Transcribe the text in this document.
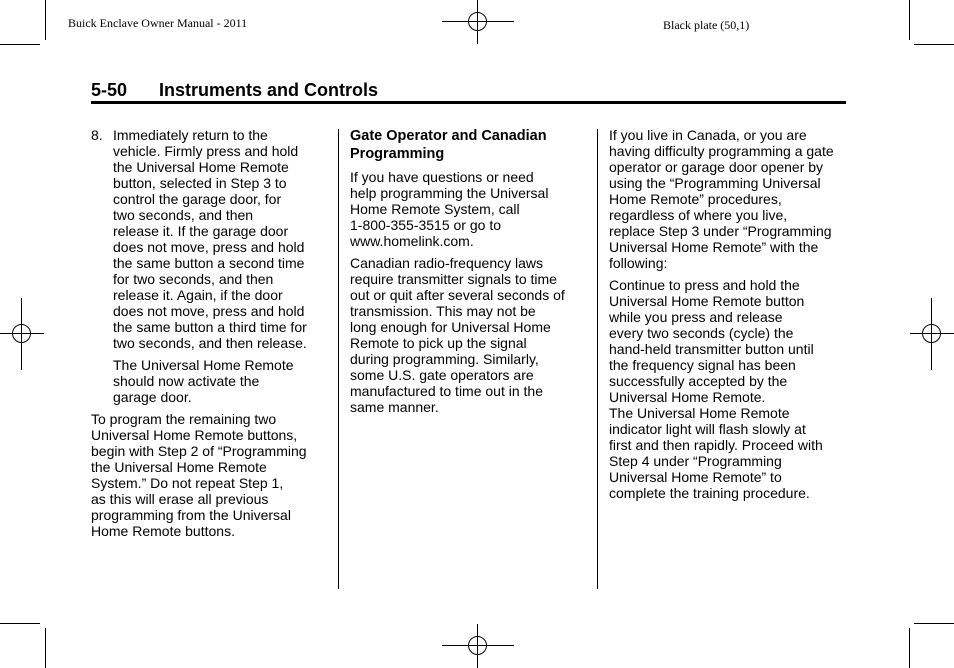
Buick Enclave Owner Manual - 2011	Black plate (50,1)
5-50 Instruments and Controls
8. Immediately return to the
vehicle. Firmly press and hold
the Universal Home Remote
button, selected in Step 3 to
control the garage door, for
two seconds, and then
release it. If the garage door
does not move, press and hold
the same button a second time
for two seconds, and then
release it. Again, if the door
does not move, press and hold
the same button a third time for
two seconds, and then release.

The Universal Home Remote
should now activate the
garage door.

To program the remaining two
Universal Home Remote buttons,
begin with Step 2 of “Programming
the Universal Home Remote
System.” Do not repeat Step 1,
as this will erase all previous
programming from the Universal
Home Remote buttons.

Gate Operator and Canadian
Programming

If you have questions or need
help programming the Universal
Home Remote System, call
1-800-355-3515 or go to
www.homelink.com.

Canadian radio-frequency laws
require transmitter signals to time
out or quit after several seconds of
transmission. This may not be
long enough for Universal Home
Remote to pick up the signal
during programming. Similarly,
some U.S. gate operators are
manufactured to time out in the
same manner.

If you live in Canada, or you are
having difficulty programming a gate
operator or garage door opener by
using the “Programming Universal
Home Remote” procedures,
regardless of where you live,
replace Step 3 under “Programming
Universal Home Remote” with the
following:

Continue to press and hold the
Universal Home Remote button
while you press and release
every two seconds (cycle) the
hand-held transmitter button until
the frequency signal has been
successfully accepted by the
Universal Home Remote.
The Universal Home Remote
indicator light will flash slowly at
first and then rapidly. Proceed with
Step 4 under “Programming
Universal Home Remote” to
complete the training procedure.
